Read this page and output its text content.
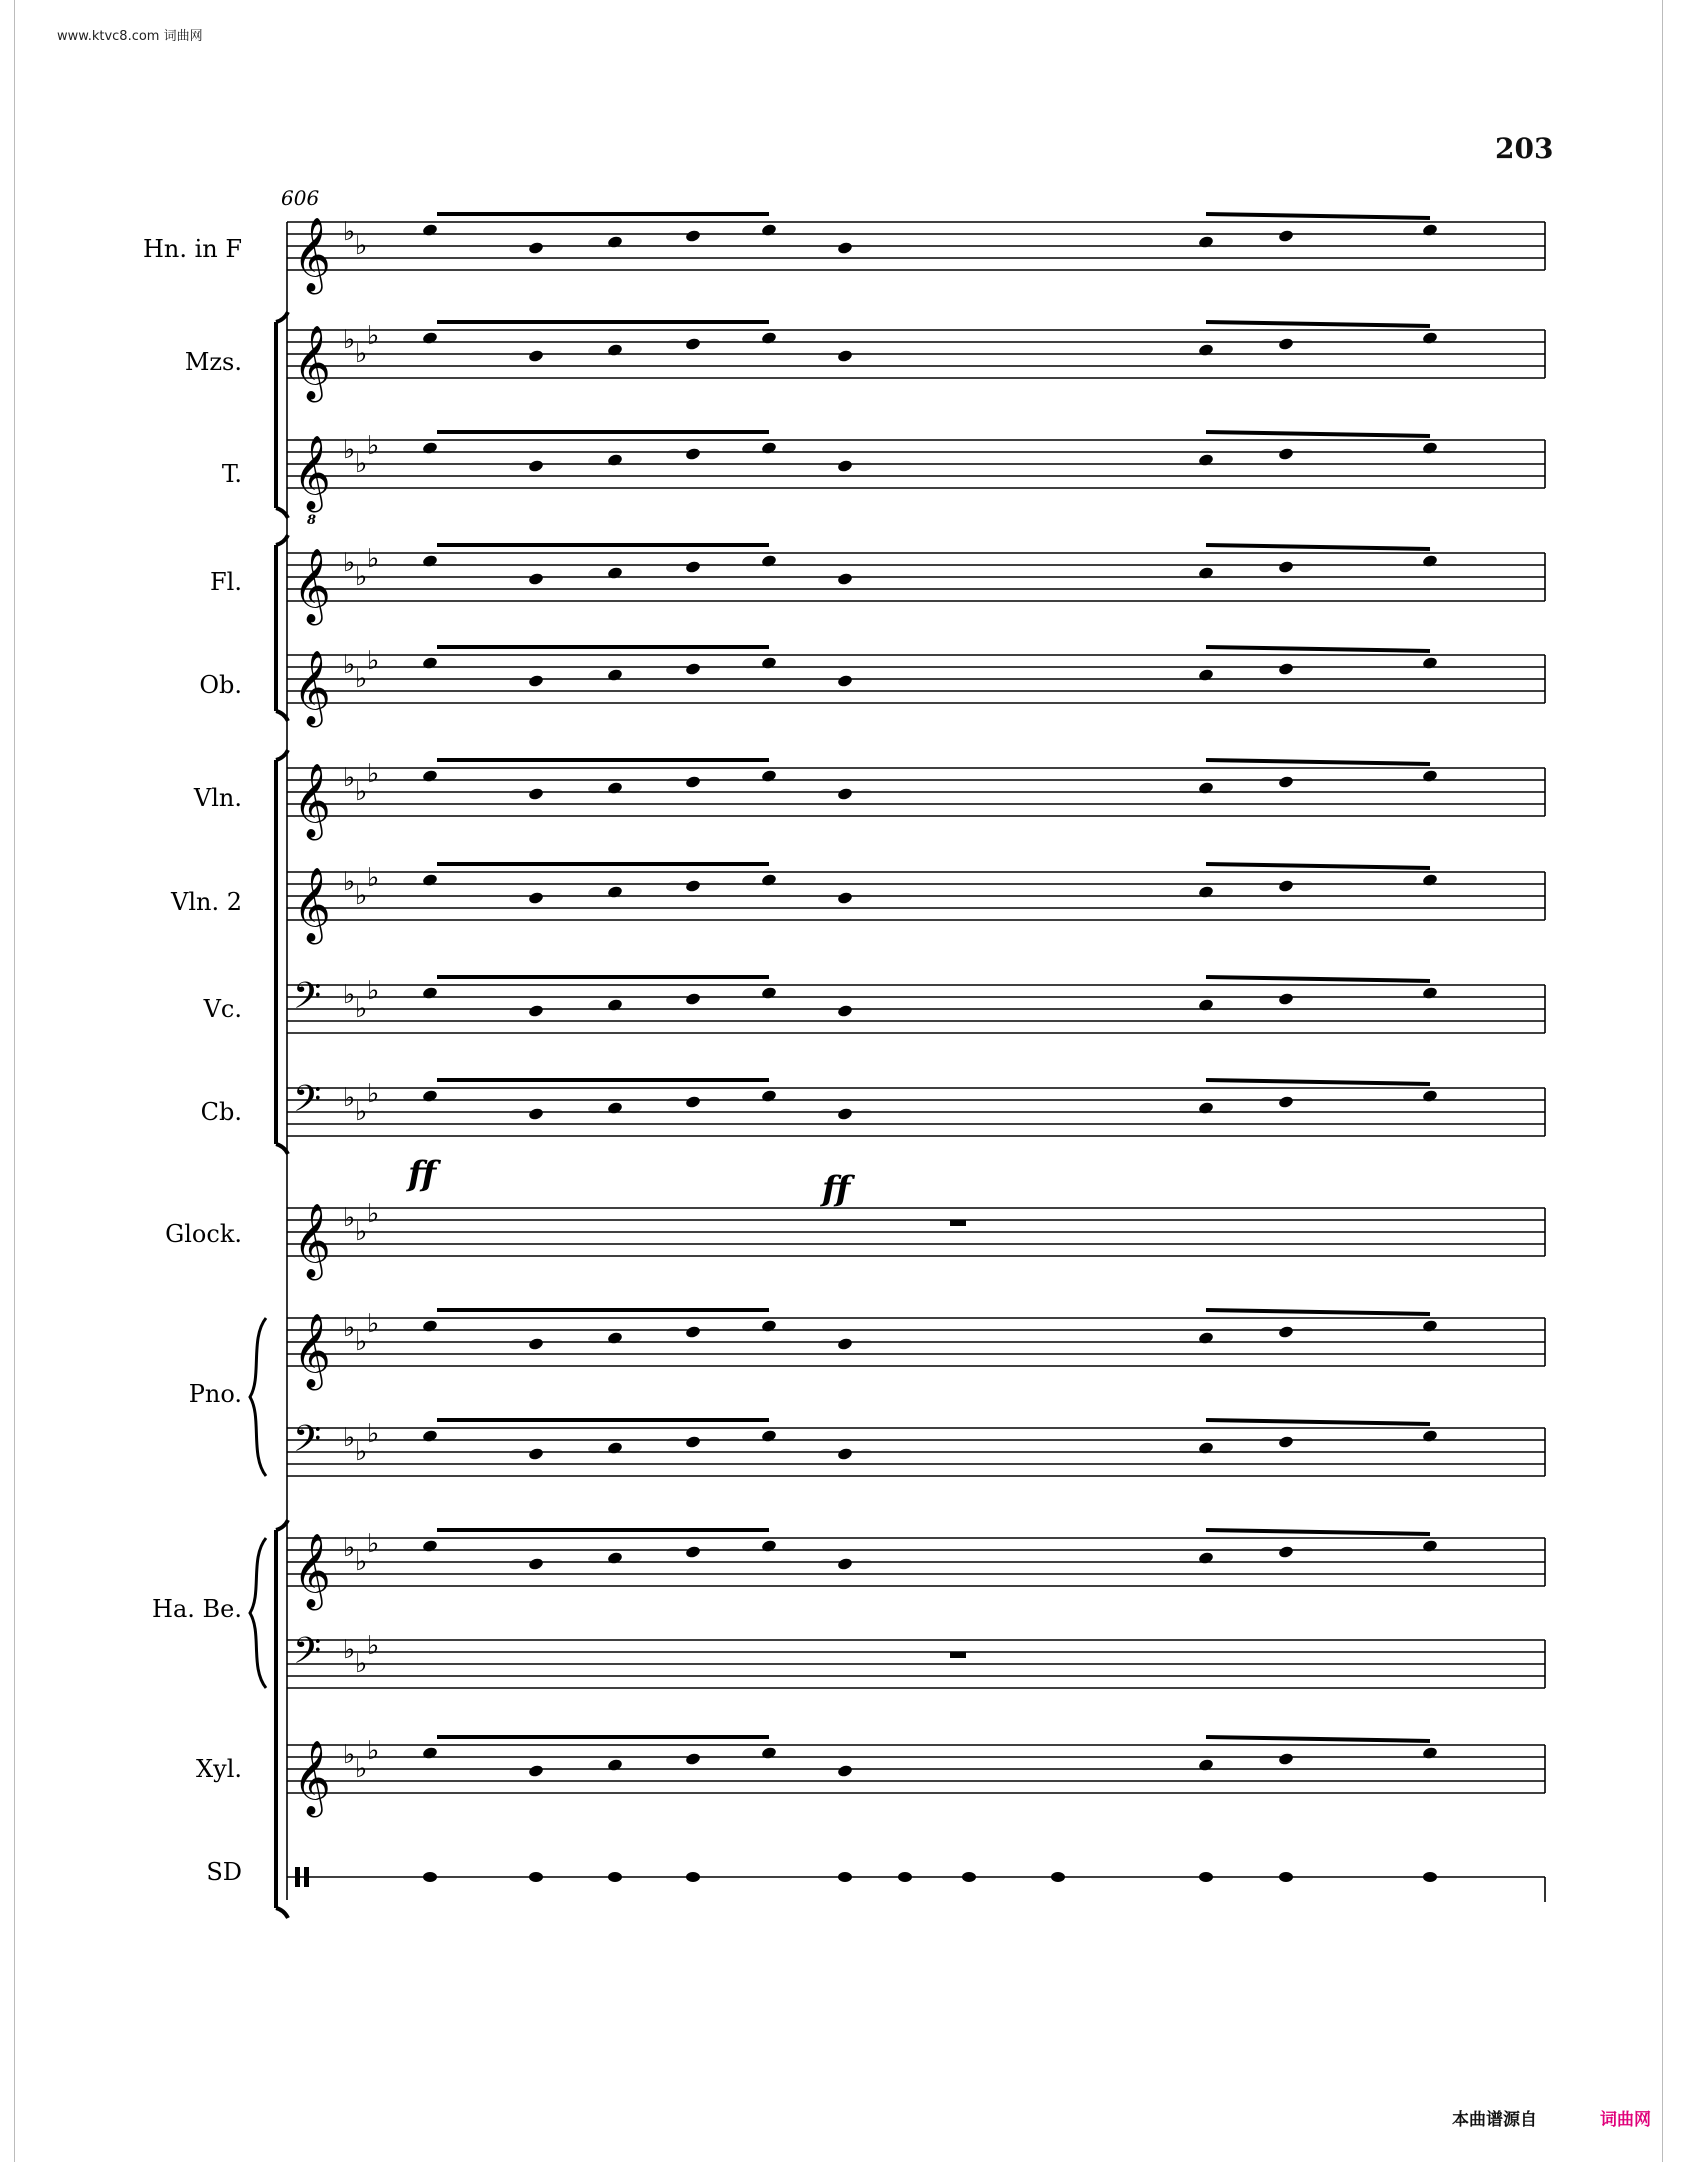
www.ktvc8.com 词曲网
203
606
𝄞 ♭ ♭
𝄞 ♭ ♭
♭
𝄞 ♭ ♭
♭
8
𝄞 ♭ ♭
♭
𝄞 ♭ ♭
♭
𝄞 ♭ ♭
♭
𝄞 ♭ ♭
♭
𝄢 ♭ ♭
♭
𝄢 ♭ ♭
♭
𝄞 ♭ ♭
♭
𝄞 ♭ ♭
♭
𝄢 ♭ ♭
♭
𝄞 ♭ ♭
♭
𝄢 ♭ ♭
♭
𝄞 ♭ ♭
♭
ff	ff
Hn. in F
Mzs.
T.
Fl.
Ob.
Vln.
Vln. 2
Vc.
Cb.
Glock.
Pno.
Ha. Be.
Xyl.
SD
本曲谱源自	词曲网
